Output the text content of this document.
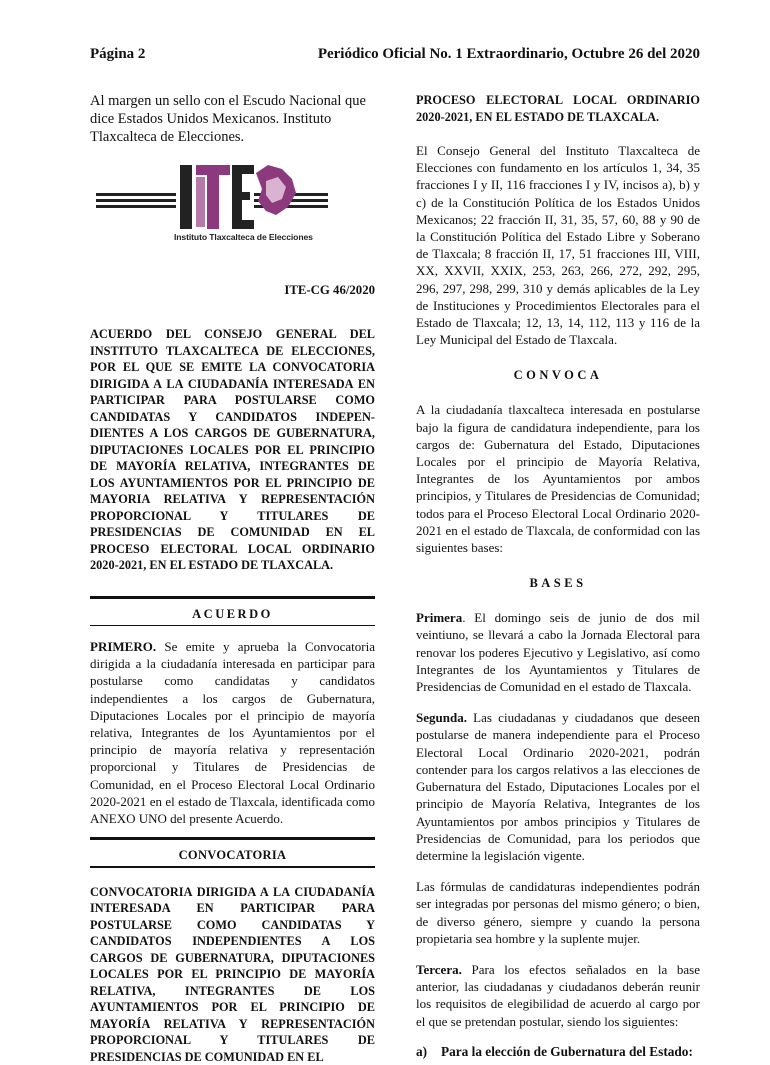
Página 2	Periódico Oficial No. 1 Extraordinario, Octubre 26 del 2020

Al margen un sello con el Escudo Nacional que dice Estados Unidos Mexicanos. Instituto Tlaxcalteca de Elecciones.

Instituto Tlaxcalteca de Elecciones
ITE-CG 46/2020

ACUERDO DEL CONSEJO GENERAL DEL INSTITUTO TLAXCALTECA DE ELECCIONES, POR EL QUE SE EMITE LA CONVOCATORIA DIRIGIDA A LA CIUDADANÍA INTERESADA EN PARTICIPAR PARA POSTULARSE COMO CANDIDATAS Y CANDIDATOS INDEPEN-DIENTES A LOS CARGOS DE GUBERNATURA, DIPUTACIONES LOCALES POR EL PRINCIPIO DE MAYORÍA RELATIVA, INTEGRANTES DE LOS AYUNTAMIENTOS POR EL PRINCIPIO DE MAYORIA RELATIVA Y REPRESENTACIÓN PROPORCIONAL Y TITULARES DE PRESIDENCIAS DE COMUNIDAD EN EL PROCESO ELECTORAL LOCAL ORDINARIO 2020-2021, EN EL ESTADO DE TLAXCALA.

ACUERDO

PRIMERO. Se emite y aprueba la Convocatoria dirigida a la ciudadanía interesada en participar para postularse como candidatas y candidatos independientes a los cargos de Gubernatura, Diputaciones Locales por el principio de mayoría relativa, Integrantes de los Ayuntamientos por el principio de mayoría relativa y representación proporcional y Titulares de Presidencias de Comunidad, en el Proceso Electoral Local Ordinario 2020-2021 en el estado de Tlaxcala, identificada como ANEXO UNO del presente Acuerdo.

CONVOCATORIA

CONVOCATORIA DIRIGIDA A LA CIUDADANÍA INTERESADA EN PARTICIPAR PARA POSTULARSE COMO CANDIDATAS Y CANDIDATOS INDEPENDIENTES A LOS CARGOS DE GUBERNATURA, DIPUTACIONES LOCALES POR EL PRINCIPIO DE MAYORÍA RELATIVA, INTEGRANTES DE LOS AYUNTAMIENTOS POR EL PRINCIPIO DE MAYORÍA RELATIVA Y REPRESENTACIÓN PROPORCIONAL Y TITULARES DE PRESIDENCIAS DE COMUNIDAD EN EL

PROCESO ELECTORAL LOCAL ORDINARIO 2020-2021, EN EL ESTADO DE TLAXCALA.

El Consejo General del Instituto Tlaxcalteca de Elecciones con fundamento en los artículos 1, 34, 35 fracciones I y II, 116 fracciones I y IV, incisos a), b) y c) de la Constitución Política de los Estados Unidos Mexicanos; 22 fracción II, 31, 35, 57, 60, 88 y 90 de la Constitución Política del Estado Libre y Soberano de Tlaxcala; 8 fracción II, 17, 51 fracciones III, VIII, XX, XXVII, XXIX, 253, 263, 266, 272, 292, 295, 296, 297, 298, 299, 310 y demás aplicables de la Ley de Instituciones y Procedimientos Electorales para el Estado de Tlaxcala; 12, 13, 14, 112, 113 y 116 de la Ley Municipal del Estado de Tlaxcala.

CONVOCA

A la ciudadanía tlaxcalteca interesada en postularse bajo la figura de candidatura independiente, para los cargos de: Gubernatura del Estado, Diputaciones Locales por el principio de Mayoría Relativa, Integrantes de los Ayuntamientos por ambos principios, y Titulares de Presidencias de Comunidad; todos para el Proceso Electoral Local Ordinario 2020-2021 en el estado de Tlaxcala, de conformidad con las siguientes bases:

BASES

Primera. El domingo seis de junio de dos mil veintiuno, se llevará a cabo la Jornada Electoral para renovar los poderes Ejecutivo y Legislativo, así como Integrantes de los Ayuntamientos y Titulares de Presidencias de Comunidad en el estado de Tlaxcala.

Segunda. Las ciudadanas y ciudadanos que deseen postularse de manera independiente para el Proceso Electoral Local Ordinario 2020-2021, podrán contender para los cargos relativos a las elecciones de Gubernatura del Estado, Diputaciones Locales por el principio de Mayoría Relativa, Integrantes de los Ayuntamientos por ambos principios y Titulares de Presidencias de Comunidad, para los periodos que determine la legislación vigente.

Las fórmulas de candidaturas independientes podrán ser integradas por personas del mismo género; o bien, de diverso género, siempre y cuando la persona propietaria sea hombre y la suplente mujer.

Tercera. Para los efectos señalados en la base anterior, las ciudadanas y ciudadanos deberán reunir los requisitos de elegibilidad de acuerdo al cargo por el que se pretendan postular, siendo los siguientes:

a) Para la elección de Gubernatura del Estado:
